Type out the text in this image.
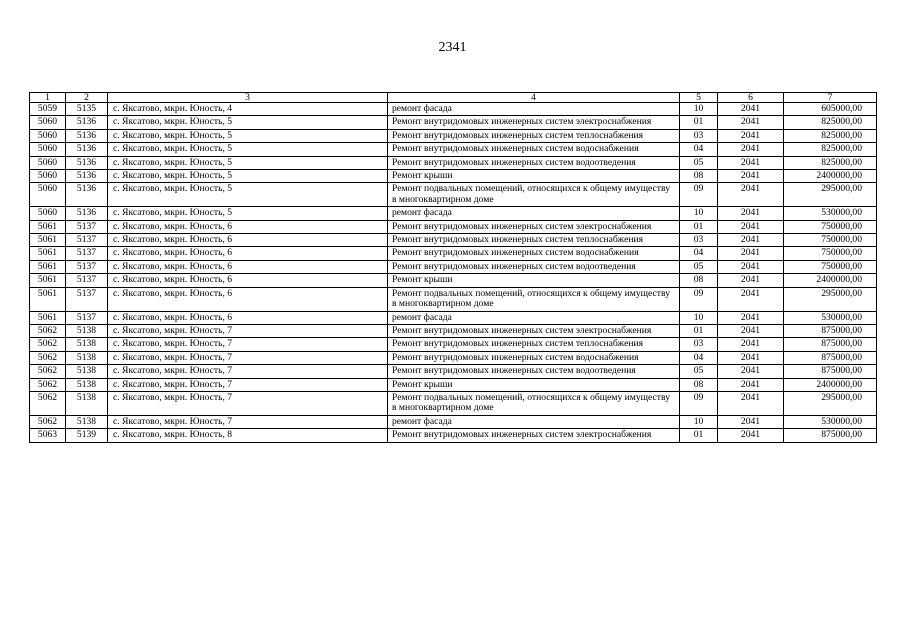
2341
1	2	3	4	5	6	7
5059	5135	с. Яксатово, мкрн. Юность, 4	ремонт фасада	10	2041	605000,00
5060	5136	с. Яксатово, мкрн. Юность, 5	Ремонт внутридомовых инженерных систем электроснабжения	01	2041	825000,00
5060	5136	с. Яксатово, мкрн. Юность, 5	Ремонт внутридомовых инженерных систем теплоснабжения	03	2041	825000,00
5060	5136	с. Яксатово, мкрн. Юность, 5	Ремонт внутридомовых инженерных систем водоснабжения	04	2041	825000,00
5060	5136	с. Яксатово, мкрн. Юность, 5	Ремонт внутридомовых инженерных систем водоотведения	05	2041	825000,00
5060	5136	с. Яксатово, мкрн. Юность, 5	Ремонт крыши	08	2041	2400000,00
5060	5136	с. Яксатово, мкрн. Юность, 5	Ремонт подвальных помещений, относящихся к общему имуществу в многоквартирном доме	09	2041	295000,00
5060	5136	с. Яксатово, мкрн. Юность, 5	ремонт фасада	10	2041	530000,00
5061	5137	с. Яксатово, мкрн. Юность, 6	Ремонт внутридомовых инженерных систем электроснабжения	01	2041	750000,00
5061	5137	с. Яксатово, мкрн. Юность, 6	Ремонт внутридомовых инженерных систем теплоснабжения	03	2041	750000,00
5061	5137	с. Яксатово, мкрн. Юность, 6	Ремонт внутридомовых инженерных систем водоснабжения	04	2041	750000,00
5061	5137	с. Яксатово, мкрн. Юность, 6	Ремонт внутридомовых инженерных систем водоотведения	05	2041	750000,00
5061	5137	с. Яксатово, мкрн. Юность, 6	Ремонт крыши	08	2041	2400000,00
5061	5137	с. Яксатово, мкрн. Юность, 6	Ремонт подвальных помещений, относящихся к общему имуществу в многоквартирном доме	09	2041	295000,00
5061	5137	с. Яксатово, мкрн. Юность, 6	ремонт фасада	10	2041	530000,00
5062	5138	с. Яксатово, мкрн. Юность, 7	Ремонт внутридомовых инженерных систем электроснабжения	01	2041	875000,00
5062	5138	с. Яксатово, мкрн. Юность, 7	Ремонт внутридомовых инженерных систем теплоснабжения	03	2041	875000,00
5062	5138	с. Яксатово, мкрн. Юность, 7	Ремонт внутридомовых инженерных систем водоснабжения	04	2041	875000,00
5062	5138	с. Яксатово, мкрн. Юность, 7	Ремонт внутридомовых инженерных систем водоотведения	05	2041	875000,00
5062	5138	с. Яксатово, мкрн. Юность, 7	Ремонт крыши	08	2041	2400000,00
5062	5138	с. Яксатово, мкрн. Юность, 7	Ремонт подвальных помещений, относящихся к общему имуществу в многоквартирном доме	09	2041	295000,00
5062	5138	с. Яксатово, мкрн. Юность, 7	ремонт фасада	10	2041	530000,00
5063	5139	с. Яксатово, мкрн. Юность, 8	Ремонт внутридомовых инженерных систем электроснабжения	01	2041	875000,00
